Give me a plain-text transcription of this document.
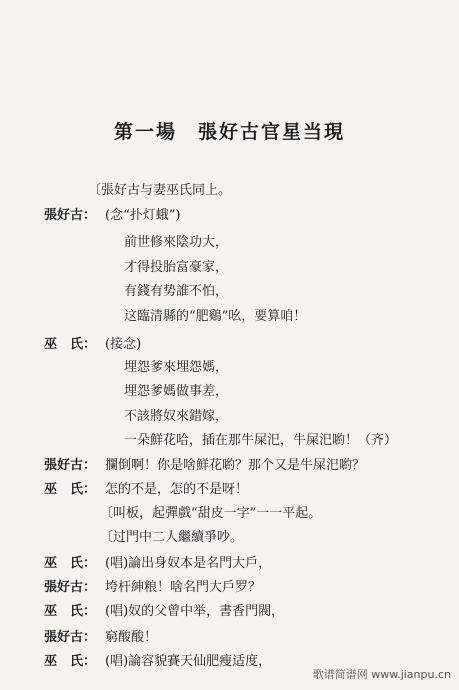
第一場　張好古官星当現
〔張好古与妻巫氏同上。
張好古： (念“扑灯蛾”)
前世修來陰功大，
才得投胎富豪家，
有錢有势誰不怕，
这臨清縣的“肥鷄”吆，要算咱！
巫　氏： (接念)
埋怨爹來埋怨媽，
埋怨爹媽做事差，
不該將奴來錯嫁，
一朵鮮花哈，插在那牛屎汜，牛屎汜喲！（齐）
張好古： 攔倒啊！你是啥鮮花喲？那个又是牛屎汜喲？
巫　氏： 怎的不是，怎的不是呀！
〔叫板，起彈戲“甜皮一字”一一平起。
〔过門中二人繼續爭吵。
巫　氏： (唱)論出身奴本是名門大戶，
張好古： 垮杆紳粮！啥名門大戶罗？
巫　氏： (唱)奴的父曾中举，書香門閥，
張好古： 窮酸酸！
巫　氏： (唱)論容貌賽天仙肥瘦适度，
歌谱简谱网 www.jianpu.cn
